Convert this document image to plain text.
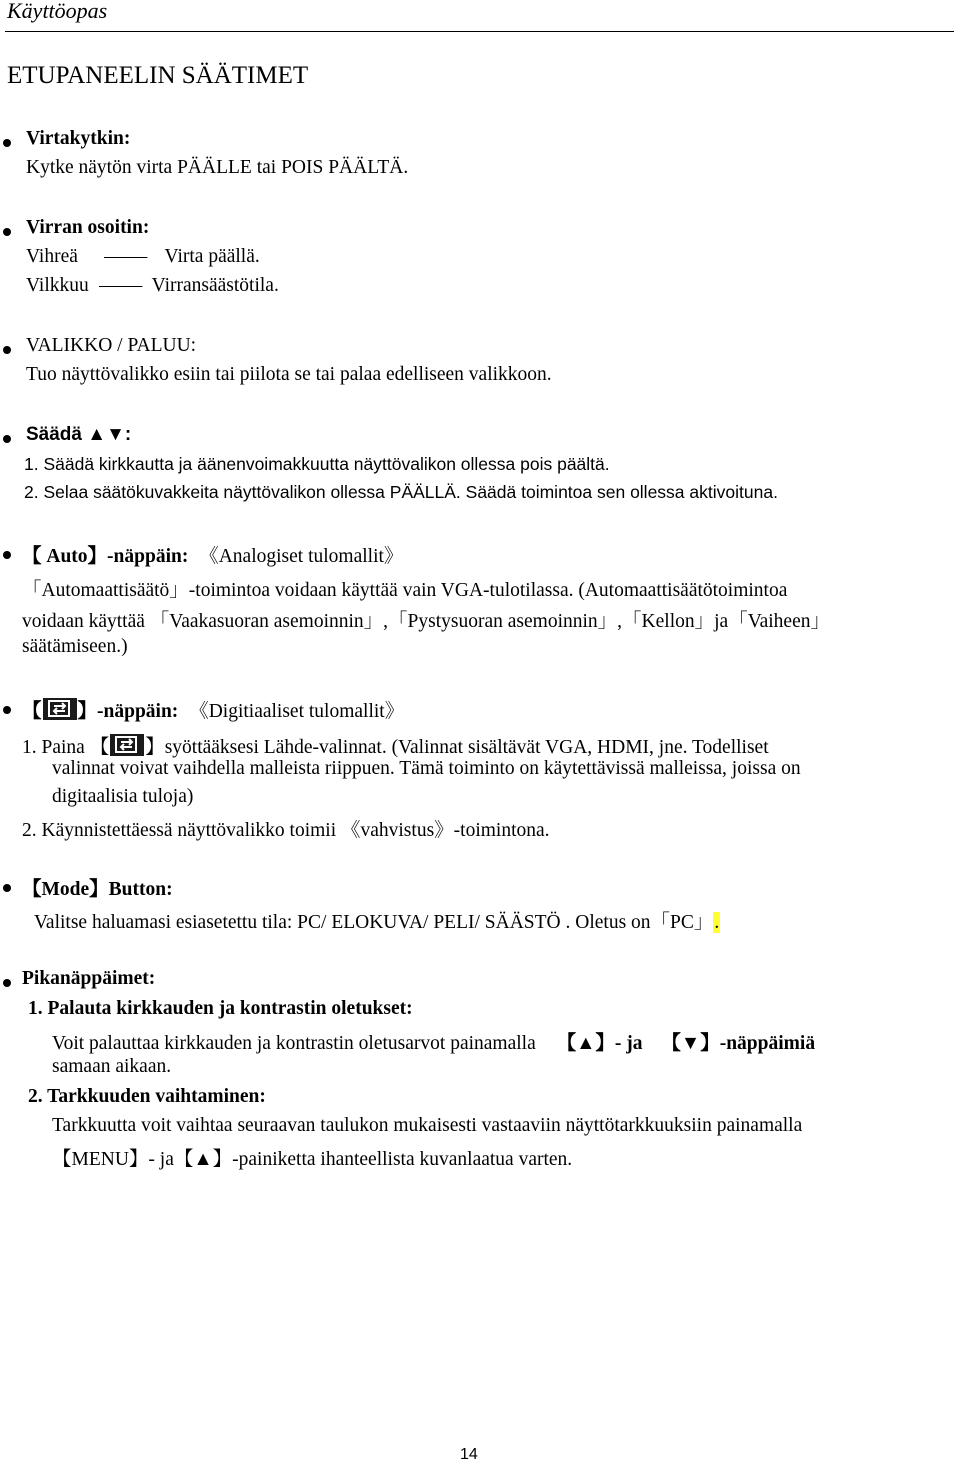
Käyttöopas
ETUPANEELIN SÄÄTIMET
Virtakytkin:
Kytke näytön virta PÄÄLLE tai POIS PÄÄLTÄ.
Virran osoitin:
Vihreä — Virta päällä.
Vilkkuu — Virransäästötila.
VALIKKO / PALUU:
Tuo näyttövalikko esiin tai piilota se tai palaa edelliseen valikkoon.
Säädä ▲▼:
1. Säädä kirkkautta ja äänenvoimakkuutta näyttövalikon ollessa pois päältä.
2. Selaa säätökuvakkeita näyttövalikon ollessa PÄÄLLÄ. Säädä toimintoa sen ollessa aktivoituna.
【 Auto】-näppäin: 《Analogiset tulomallit》
「Automaattisäätö」-toimintoa voidaan käyttää vain VGA-tulotilassa. (Automaattisäätötoimintoa
voidaan käyttää 「Vaakasuoran asemoinnin」,「Pystysuoran asemoinnin」,「Kellon」ja「Vaiheen」
säätämiseen.)
【 】-näppäin: 《Digitiaaliset tulomallit》
1. Paina 【 】syöttääksesi Lähde-valinnat. (Valinnat sisältävät VGA, HDMI, jne. Todelliset
valinnat voivat vaihdella malleista riippuen. Tämä toiminto on käytettävissä malleissa, joissa on
digitaalisia tuloja)
2. Käynnistettäessä näyttövalikko toimii 《vahvistus》-toimintona.
【Mode】Button:
Valitse haluamasi esiasetettu tila: PC/ ELOKUVA/ PELI/ SÄÄSTÖ . Oletus on「PC」.
Pikanäppäimet:
1. Palauta kirkkauden ja kontrastin oletukset:
Voit palauttaa kirkkauden ja kontrastin oletusarvot painamalla 【▲】- ja 【▼】-näppäimiä
samaan aikaan.
2. Tarkkuuden vaihtaminen:
Tarkkuutta voit vaihtaa seuraavan taulukon mukaisesti vastaaviin näyttötarkkuuksiin painamalla
【MENU】- ja【▲】-painiketta ihanteellista kuvanlaatua varten.
14
